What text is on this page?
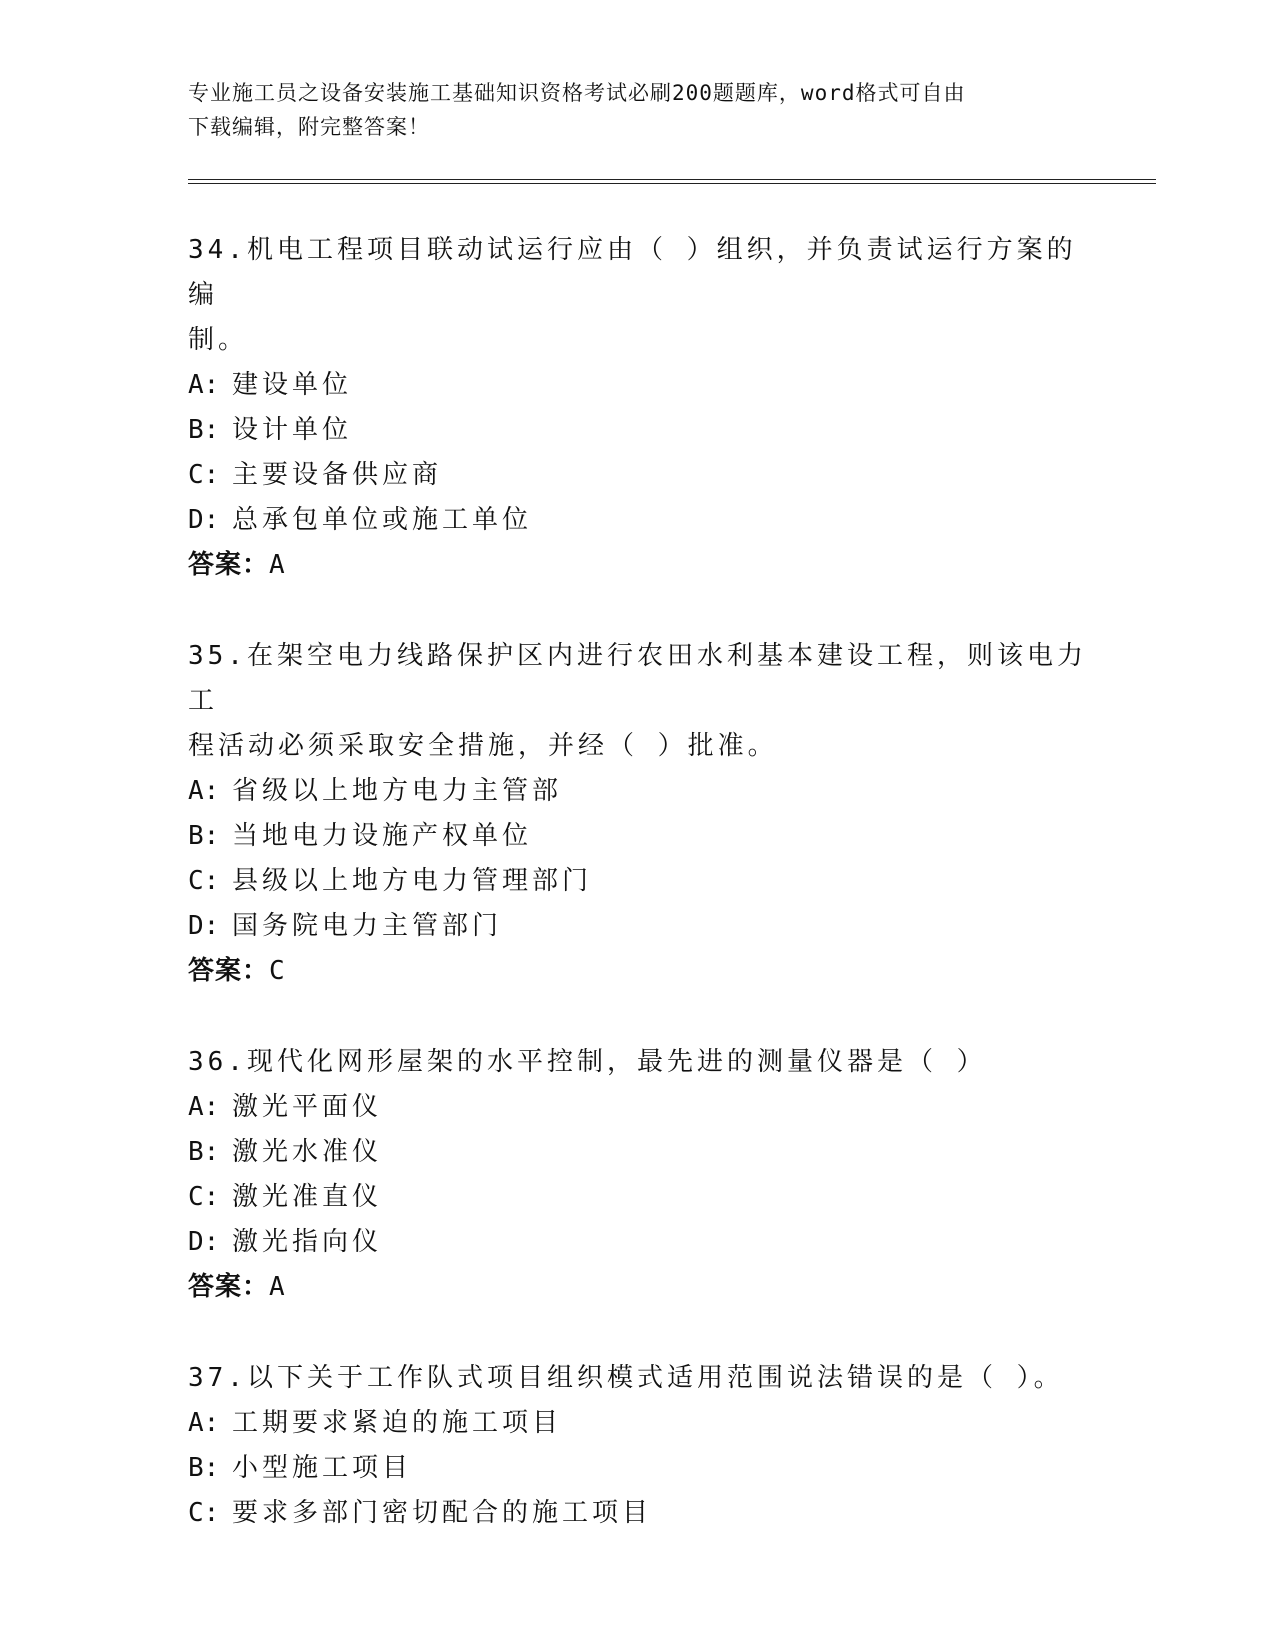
专业施工员之设备安装施工基础知识资格考试必刷200题题库，word格式可自由
下载编辑，附完整答案！
34.机电工程项目联动试运行应由（ ）组织，并负责试运行方案的编
制。
A: 建设单位
B: 设计单位
C: 主要设备供应商
D: 总承包单位或施工单位
答案：A
35.在架空电力线路保护区内进行农田水利基本建设工程，则该电力工
程活动必须采取安全措施，并经（ ）批准。
A: 省级以上地方电力主管部
B: 当地电力设施产权单位
C: 县级以上地方电力管理部门
D: 国务院电力主管部门
答案：C
36.现代化网形屋架的水平控制，最先进的测量仪器是（ ）
A: 激光平面仪
B: 激光水准仪
C: 激光准直仪
D: 激光指向仪
答案：A
37.以下关于工作队式项目组织模式适用范围说法错误的是（ ）。
A: 工期要求紧迫的施工项目
B: 小型施工项目
C: 要求多部门密切配合的施工项目
